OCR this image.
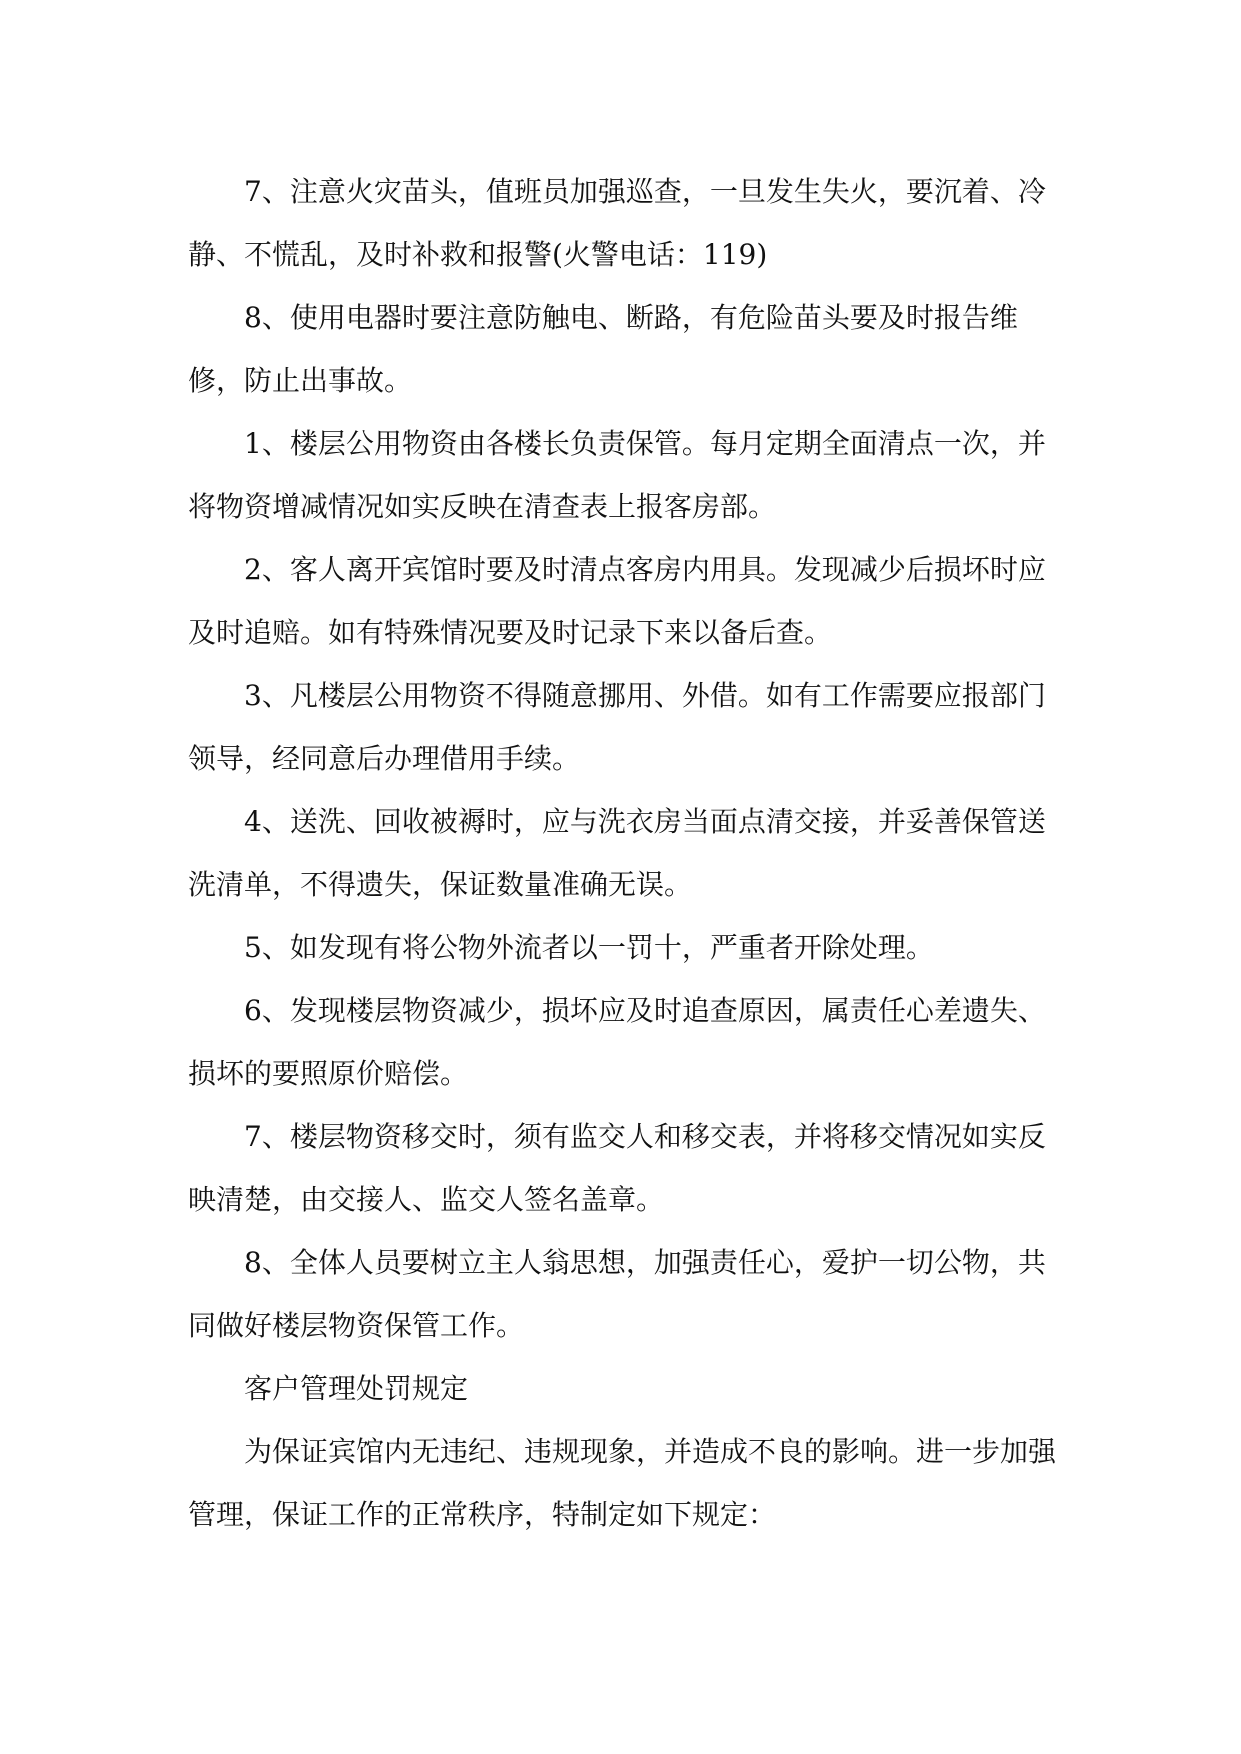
7、注意火灾苗头，值班员加强巡查，一旦发生失火，要沉着、冷静、不慌乱，及时补救和报警(火警电话：119)

8、使用电器时要注意防触电、断路，有危险苗头要及时报告维修，防止出事故。

1、楼层公用物资由各楼长负责保管。每月定期全面清点一次，并将物资增减情况如实反映在清查表上报客房部。

2、客人离开宾馆时要及时清点客房内用具。发现减少后损坏时应及时追赔。如有特殊情况要及时记录下来以备后查。

3、凡楼层公用物资不得随意挪用、外借。如有工作需要应报部门领导，经同意后办理借用手续。

4、送洗、回收被褥时，应与洗衣房当面点清交接，并妥善保管送洗清单，不得遗失，保证数量准确无误。

5、如发现有将公物外流者以一罚十，严重者开除处理。

6、发现楼层物资减少，损坏应及时追查原因，属责任心差遗失、损坏的要照原价赔偿。

7、楼层物资移交时，须有监交人和移交表，并将移交情况如实反映清楚，由交接人、监交人签名盖章。

8、全体人员要树立主人翁思想，加强责任心，爱护一切公物，共同做好楼层物资保管工作。

客户管理处罚规定

为保证宾馆内无违纪、违规现象，并造成不良的影响。进一步加强管理，保证工作的正常秩序，特制定如下规定：
